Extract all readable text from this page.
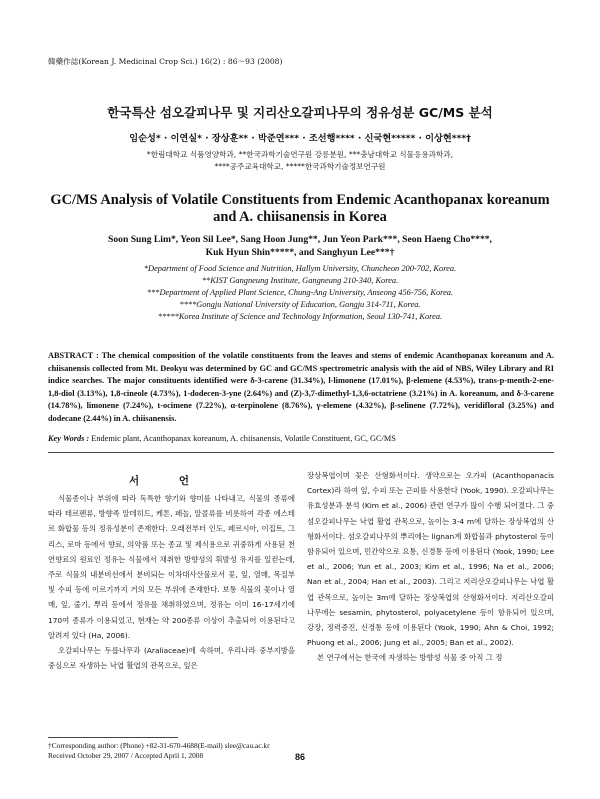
韓藥作誌(Korean J. Medicinal Crop Sci.) 16(2) : 86～93 (2008)
한국특산 섬오갈피나무 및 지리산오갈피나무의 정유성분 GC/MS 분석
임순성* · 이연실* · 장상훈** · 박준연*** · 조선행**** · 신국현***** · 이상현***†
*한림대학교 식품영양학과, **한국과학기술연구원 강릉분원, ***충남대학교 식물응용과학과,
****공주교육대학교, *****한국과학기술정보연구원
GC/MS Analysis of Volatile Constituents from Endemic Acanthopanax koreanum
and A. chiisanensis in Korea
Soon Sung Lim*, Yeon Sil Lee*, Sang Hoon Jung**, Jun Yeon Park***, Seon Haeng Cho****,
Kuk Hyun Shin*****, and Sanghyun Lee***†
*Department of Food Science and Nutrition, Hallym University, Chuncheon 200-702, Korea.
**KIST Gangneung Institute, Gangneung 210-340, Korea.
***Department of Applied Plant Science, Chung-Ang University, Anseong 456-756, Korea.
****Gongju National University of Education, Gongju 314-711, Korea.
*****Korea Institute of Science and Technology Information, Seoul 130-741, Korea.
ABSTRACT : The chemical composition of the volatile constituents from the leaves and stems of endemic Acanthopanax koreanum and A. chiisanensis collected from Mt. Deokyu was determined by GC and GC/MS spectrometric analysis with the aid of NBS, Wiley Library and RI indice searches. The major constituents identified were δ-3-carene (31.34%), l-limonene (17.01%), β-elemene (4.53%), trans-p-menth-2-ene-1,8-diol (3.13%), 1,8-cineole (4.73%), 1-dodecen-3-yne (2.64%) and (Z)-3,7-dimethyl-1,3,6-octatriene (3.21%) in A. koreanum, and δ-3-carene (14.78%), limonene (7.24%), t-ocimene (7.22%), α-terpinolene (8.76%), γ-elemene (4.32%), β-selinene (7.72%), veridifloral (3.25%) and dodecane (2.44%) in A. chiisanensis.
Key Words : Endemic plant, Acanthopanax koreanum, A. chiisanensis, Volatile Constituent, GC, GC/MS
서 언

식물종이나 부위에 따라 독특한 향기와 향미를 나타내고, 식물의 종류에 따라 테르펜류, 방향족 알데히드, 케톤, 페놀, 알콜류를 비롯하여 각종 에스테르 화합물 등의 정유성분이 존재한다. 오래전부터 인도, 페르시아, 이집트, 그리스, 로마 등에서 향료, 의약품 또는 종교 및 제식용으로 귀중하게 사용된 천연향료의 원료인 정유는 식물에서 채취한 방향성의 휘발성 유지를 일컫는데, 주로 식물의 내분비선에서 분비되는 이차대사산물로서 꽃, 잎, 열매, 목질부 및 수피 등에 이르기까지 거의 모든 부위에 존재한다. 보통 식물의 꽃이나 열매, 잎, 줄기, 뿌리 등에서 정유를 채취하였으며, 정유는 이미 16-17세기에 170여 종류가 이용되었고, 현재는 약 200종류 이상이 추출되어 이용된다고 알려져 있다 (Ha, 2006).

오갈피나무는 두릅나무과 (Araliaceae)에 속하며, 우리나라 중부지방을 중심으로 자생하는 낙엽 활엽의 관목으로, 잎은

장상복엽이며 꽃은 산형화서이다. 생약으로는 오가피 (Acanthopanacis Cortex)라 하여 잎, 수피 또는 근피를 사용한다 (Yook, 1990). 오갈피나무는 유효성분과 분석 (Kim et al., 2006) 관련 연구가 많이 수행 되어졌다. 그 중 섬오갈피나무는 낙엽 활엽 관목으로, 높이는 3-4 m에 달하는 장상복엽의 산형화서이다. 섬오갈피나무의 뿌리에는 lignan계 화합물과 phytosterol 등이 함유되어 있으며, 민간약으로 요통, 신경통 등에 이용된다 (Yook, 1990; Lee et al., 2006; Yun et al., 2003; Kim et al., 1996; Na et al., 2006; Nan et al., 2004; Han et al., 2003). 그리고 지리산오갈피나무는 낙엽 활엽 관목으로, 높이는 3m에 달하는 장상복엽의 산형화서이다. 지리산오갈피나무에는 sesamin, phytosterol, polyacetylene 등이 함유되어 있으며, 강장, 정력증진, 신경통 등에 이용된다 (Yook, 1990; Ahn & Choi, 1992; Phuong et al., 2006; Jung et al., 2005; Ban et al., 2002).

본 연구에서는 한국에 자생하는 방향성 식물 중 아직 그 정

†Corresponding author: (Phone) +82-31-670-4688(E-mail) slee@cau.ac.kr
Received October 29, 2007 / Accepted April 1, 2008	86
